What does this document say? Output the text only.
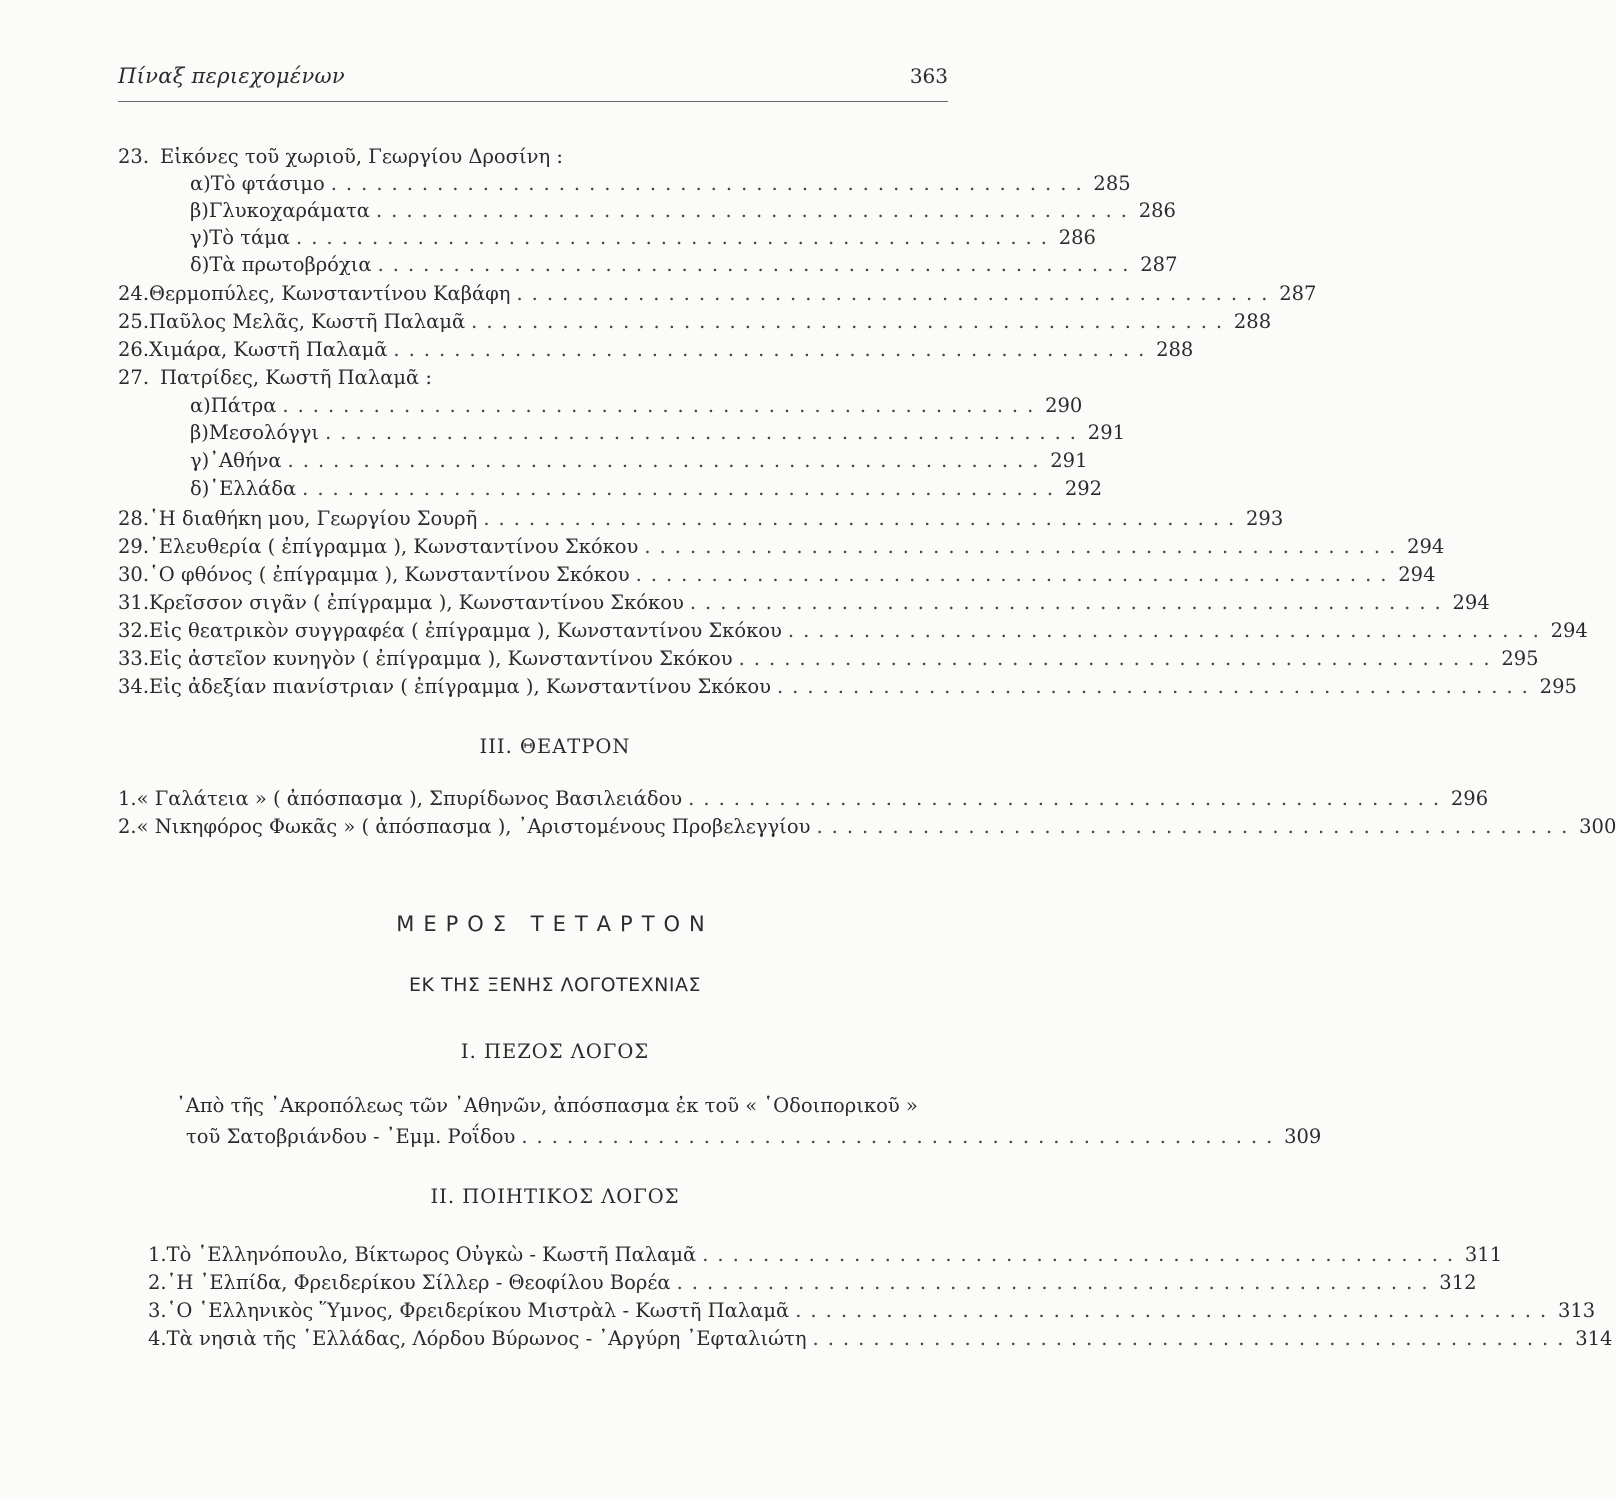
Πίναξ περιεχομένων	363
23. Εἰκόνες τοῦ χωριοῦ, Γεωργίου Δροσίνη :
α) Τὸ φτάσιμο .................................................. 285
β) Γλυκοχαράματα .................................................. 286
γ) Τὸ τάμα .................................................. 286
δ) Τὰ πρωτοβρόχια .................................................. 287
24. Θερμοπύλες, Κωνσταντίνου Καβάφη .................................................. 287
25. Παῦλος Μελᾶς, Κωστῆ Παλαμᾶ .................................................. 288
26. Χιμάρα, Κωστῆ Παλαμᾶ .................................................. 288
27. Πατρίδες, Κωστῆ Παλαμᾶ :
α) Πάτρα .................................................. 290
β) Μεσολόγγι .................................................. 291
γ) ᾿Αθήνα .................................................. 291
δ) ῾Ελλάδα .................................................. 292
28. ῾Η διαθήκη μου, Γεωργίου Σουρῆ .................................................. 293
29. ᾿Ελευθερία ( ἐπίγραμμα ), Κωνσταντίνου Σκόκου .................................................. 294
30. ῾Ο φθόνος ( ἐπίγραμμα ), Κωνσταντίνου Σκόκου .................................................. 294
31. Κρεῖσσον σιγᾶν ( ἐπίγραμμα ), Κωνσταντίνου Σκόκου .................................................. 294
32. Εἰς θεατρικὸν συγγραφέα ( ἐπίγραμμα ), Κωνσταντίνου Σκόκου .................................................. 294
33. Εἰς ἀστεῖον κυνηγὸν ( ἐπίγραμμα ), Κωνσταντίνου Σκόκου .................................................. 295
34. Εἰς ἀδεξίαν πιανίστριαν ( ἐπίγραμμα ), Κωνσταντίνου Σκόκου .................................................. 295
ΙΙΙ. ΘΕΑΤΡΟΝ
1. « Γαλάτεια » ( ἀπόσπασμα ), Σπυρίδωνος Βασιλειάδου .................................................. 296
2. « Νικηφόρος Φωκᾶς » ( ἀπόσπασμα ), ᾿Αριστομένους Προβελεγγίου .................................................. 300
ΜΕΡΟΣ ΤΕΤΑΡΤΟΝ
ΕΚ ΤΗΣ ΞΕΝΗΣ ΛΟΓΟΤΕΧΝΙΑΣ
Ι. ΠΕΖΟΣ ΛΟΓΟΣ
᾿Απὸ τῆς ᾿Ακροπόλεως τῶν ᾿Αθηνῶν, ἀπόσπασμα ἐκ τοῦ « ῾Οδοιπορικοῦ »
τοῦ Σατοβριάνδου - ᾿Εμμ. Ροΐδου .................................................. 309
ΙΙ. ΠΟΙΗΤΙΚΟΣ ΛΟΓΟΣ
1. Τὸ ῾Ελληνόπουλο, Βίκτωρος Οὐγκὼ - Κωστῆ Παλαμᾶ .................................................. 311
2. ῾Η ᾿Ελπίδα, Φρειδερίκου Σίλλερ - Θεοφίλου Βορέα .................................................. 312
3. ῾Ο ῾Ελληνικὸς Ὕμνος, Φρειδερίκου Μιστρὰλ - Κωστῆ Παλαμᾶ .................................................. 313
4. Τὰ νησιὰ τῆς ῾Ελλάδας, Λόρδου Βύρωνος - ᾿Αργύρη ᾿Εφταλιώτη .................................................. 314
